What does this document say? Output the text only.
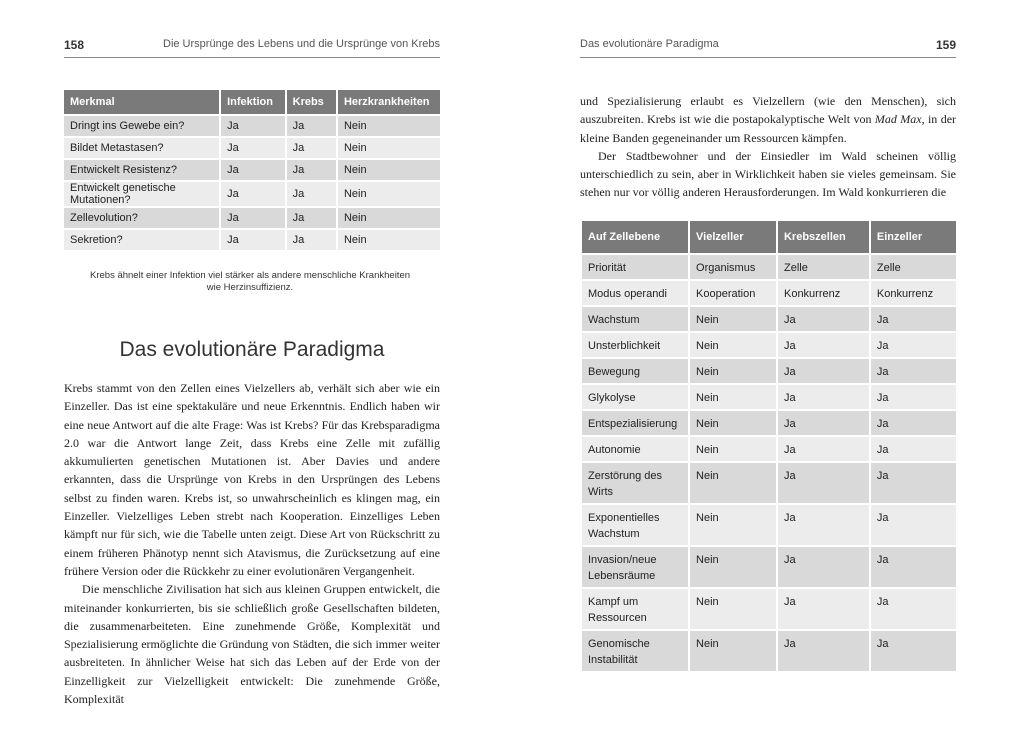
158	Die Ursprünge des Lebens und die Ursprünge von Krebs
Merkmal	Infektion	Krebs	Herzkrankheiten
Dringt ins Gewebe ein?	Ja	Ja	Nein
Bildet Metastasen?	Ja	Ja	Nein
Entwickelt Resistenz?	Ja	Ja	Nein
Entwickelt genetische Mutationen?	Ja	Ja	Nein
Zellevolution?	Ja	Ja	Nein
Sekretion?	Ja	Ja	Nein
Krebs ähnelt einer Infektion viel stärker als andere menschliche Krankheiten wie Herzinsuffizienz.
Das evolutionäre Paradigma

Krebs stammt von den Zellen eines Vielzellers ab, verhält sich aber wie ein Einzeller. Das ist eine spektakuläre und neue Erkenntnis. Endlich haben wir eine neue Antwort auf die alte Frage: Was ist Krebs? Für das Krebsparadigma 2.0 war die Antwort lange Zeit, dass Krebs eine Zelle mit zufällig akkumulierten genetischen Mutationen ist. Aber Davies und andere erkannten, dass die Ursprünge von Krebs in den Ursprüngen des Lebens selbst zu finden waren. Krebs ist, so unwahrscheinlich es klingen mag, ein Einzeller. Vielzelliges Leben strebt nach Kooperation. Einzelliges Leben kämpft nur für sich, wie die Tabelle unten zeigt. Diese Art von Rückschritt zu einem früheren Phänotyp nennt sich Atavismus, die Zurücksetzung auf eine frühere Version oder die Rückkehr zu einer evolutionären Vergangenheit.

Die menschliche Zivilisation hat sich aus kleinen Gruppen entwickelt, die miteinander konkurrierten, bis sie schließlich große Gesellschaften bildeten, die zusammenarbeiteten. Eine zunehmende Größe, Komplexität und Spezialisierung ermöglichte die Gründung von Städten, die sich immer weiter ausbreiteten. In ähnlicher Weise hat sich das Leben auf der Erde von der Einzelligkeit zur Vielzelligkeit entwickelt: Die zunehmende Größe, Komplexität

Das evolutionäre Paradigma	159

und Spezialisierung erlaubt es Vielzellern (wie den Menschen), sich auszubreiten. Krebs ist wie die postapokalyptische Welt von Mad Max, in der kleine Banden gegeneinander um Ressourcen kämpfen.

Der Stadtbewohner und der Einsiedler im Wald scheinen völlig unterschiedlich zu sein, aber in Wirklichkeit haben sie vieles gemeinsam. Sie stehen nur vor völlig anderen Herausforderungen. Im Wald konkurrieren die

Auf Zellebene	Vielzeller	Krebszellen	Einzeller
Priorität	Organismus	Zelle	Zelle
Modus operandi	Kooperation	Konkurrenz	Konkurrenz
Wachstum	Nein	Ja	Ja
Unsterblichkeit	Nein	Ja	Ja
Bewegung	Nein	Ja	Ja
Glykolyse	Nein	Ja	Ja
Entspezialisierung	Nein	Ja	Ja
Autonomie	Nein	Ja	Ja
Zerstörung des Wirts	Nein	Ja	Ja
Exponentielles Wachstum	Nein	Ja	Ja
Invasion/neue Lebensräume	Nein	Ja	Ja
Kampf um Ressourcen	Nein	Ja	Ja
Genomische Instabilität	Nein	Ja	Ja
